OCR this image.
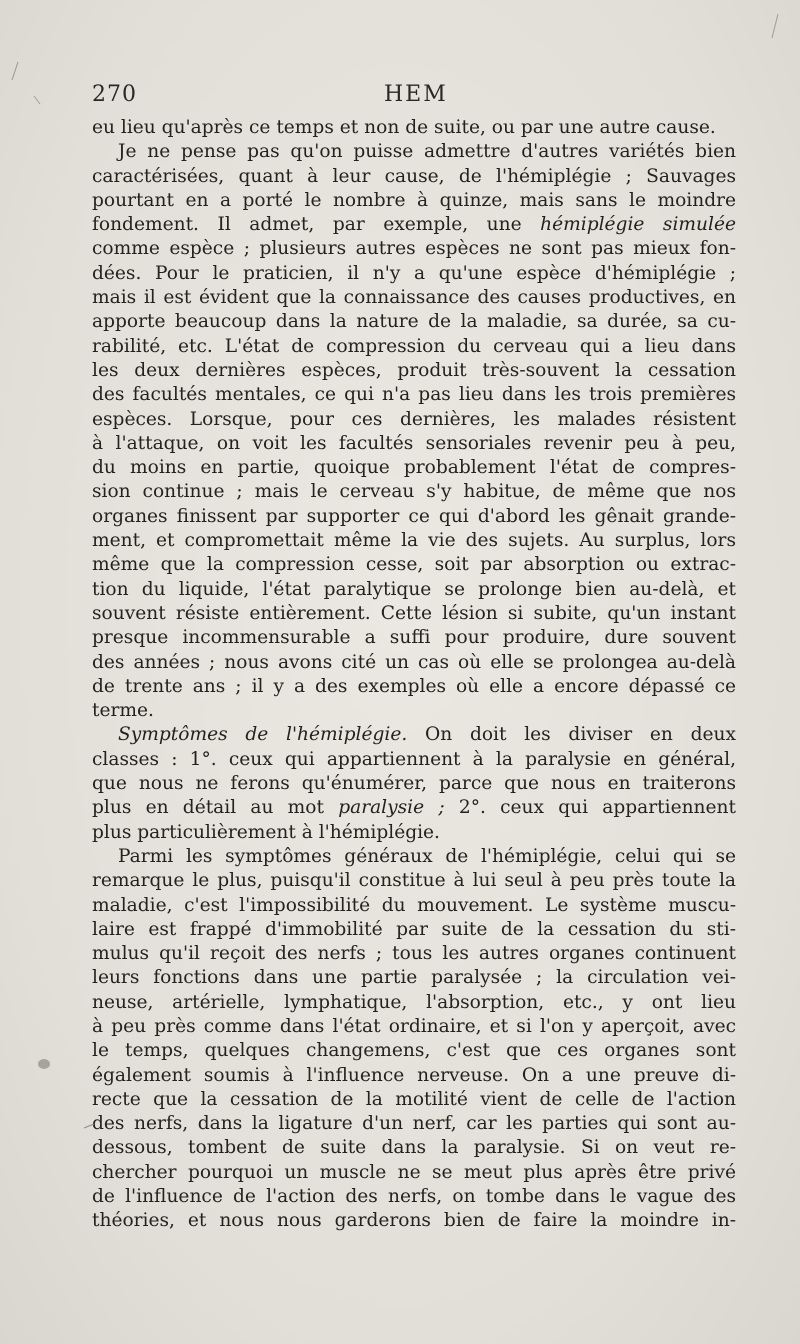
270	HEM
eu lieu qu'après ce temps et non de suite, ou par une autre cause.
Je ne pense pas qu'on puisse admettre d'autres variétés bien
caractérisées, quant à leur cause, de l'hémiplégie ; Sauvages
pourtant en a porté le nombre à quinze, mais sans le moindre
fondement. Il admet, par exemple, une hémiplégie simulée
comme espèce ; plusieurs autres espèces ne sont pas mieux fon-
dées. Pour le praticien, il n'y a qu'une espèce d'hémiplégie ;
mais il est évident que la connaissance des causes productives, en
apporte beaucoup dans la nature de la maladie, sa durée, sa cu-
rabilité, etc. L'état de compression du cerveau qui a lieu dans
les deux dernières espèces, produit très-souvent la cessation
des facultés mentales, ce qui n'a pas lieu dans les trois premières
espèces. Lorsque, pour ces dernières, les malades résistent
à l'attaque, on voit les facultés sensoriales revenir peu à peu,
du moins en partie, quoique probablement l'état de compres-
sion continue ; mais le cerveau s'y habitue, de même que nos
organes finissent par supporter ce qui d'abord les gênait grande-
ment, et compromettait même la vie des sujets. Au surplus, lors
même que la compression cesse, soit par absorption ou extrac-
tion du liquide, l'état paralytique se prolonge bien au-delà, et
souvent résiste entièrement. Cette lésion si subite, qu'un instant
presque incommensurable a suffi pour produire, dure souvent
des années ; nous avons cité un cas où elle se prolongea au-delà
de trente ans ; il y a des exemples où elle a encore dépassé ce
terme.
Symptômes de l'hémiplégie. On doit les diviser en deux
classes : 1°. ceux qui appartiennent à la paralysie en général,
que nous ne ferons qu'énumérer, parce que nous en traiterons
plus en détail au mot paralysie ; 2°. ceux qui appartiennent
plus particulièrement à l'hémiplégie.
Parmi les symptômes généraux de l'hémiplégie, celui qui se
remarque le plus, puisqu'il constitue à lui seul à peu près toute la
maladie, c'est l'impossibilité du mouvement. Le système muscu-
laire est frappé d'immobilité par suite de la cessation du sti-
mulus qu'il reçoit des nerfs ; tous les autres organes continuent
leurs fonctions dans une partie paralysée ; la circulation vei-
neuse, artérielle, lymphatique, l'absorption, etc., y ont lieu
à peu près comme dans l'état ordinaire, et si l'on y aperçoit, avec
le temps, quelques changemens, c'est que ces organes sont
également soumis à l'influence nerveuse. On a une preuve di-
recte que la cessation de la motilité vient de celle de l'action
des nerfs, dans la ligature d'un nerf, car les parties qui sont au-
dessous, tombent de suite dans la paralysie. Si on veut re-
chercher pourquoi un muscle ne se meut plus après être privé
de l'influence de l'action des nerfs, on tombe dans le vague des
théories, et nous nous garderons bien de faire la moindre in-
